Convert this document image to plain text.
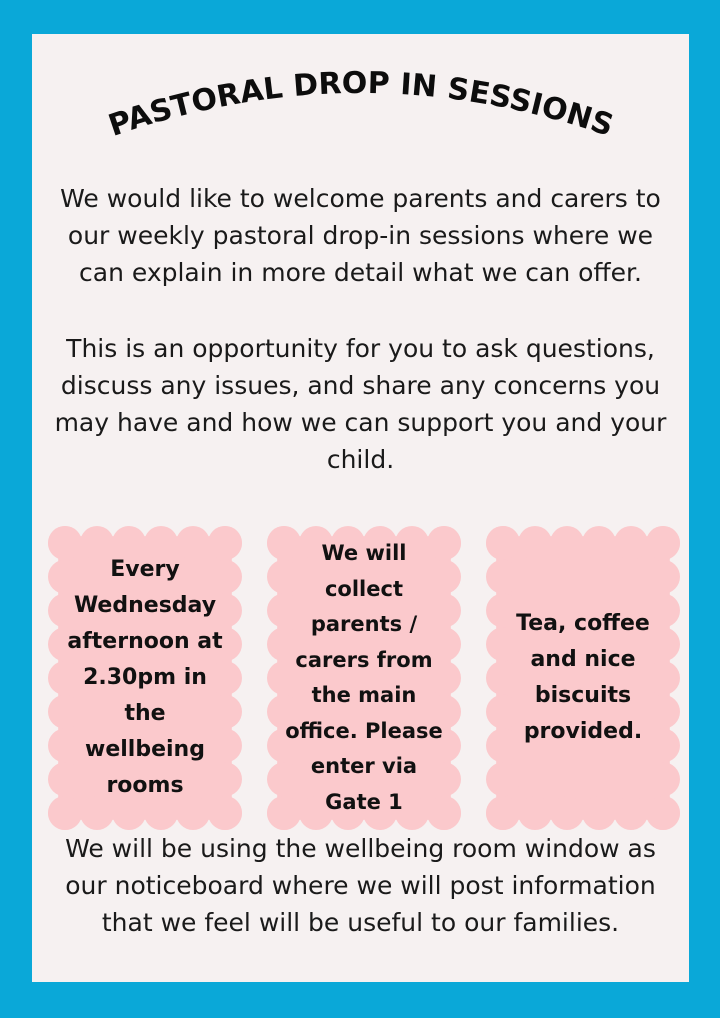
PASTORAL DROP IN SESSIONS

We would like to welcome parents and carers to
our weekly pastoral drop-in sessions where we
can explain in more detail what we can offer.

This is an opportunity for you to ask questions,
discuss any issues, and share any concerns you
may have and how we can support you and your
child.

Every
Wednesday
afternoon at
2.30pm in
the
wellbeing
rooms
We will
collect
parents /
carers from
the main
office. Please
enter via
Gate 1
Tea, coffee
and nice
biscuits
provided.

We will be using the wellbeing room window as
our noticeboard where we will post information
that we feel will be useful to our families.
